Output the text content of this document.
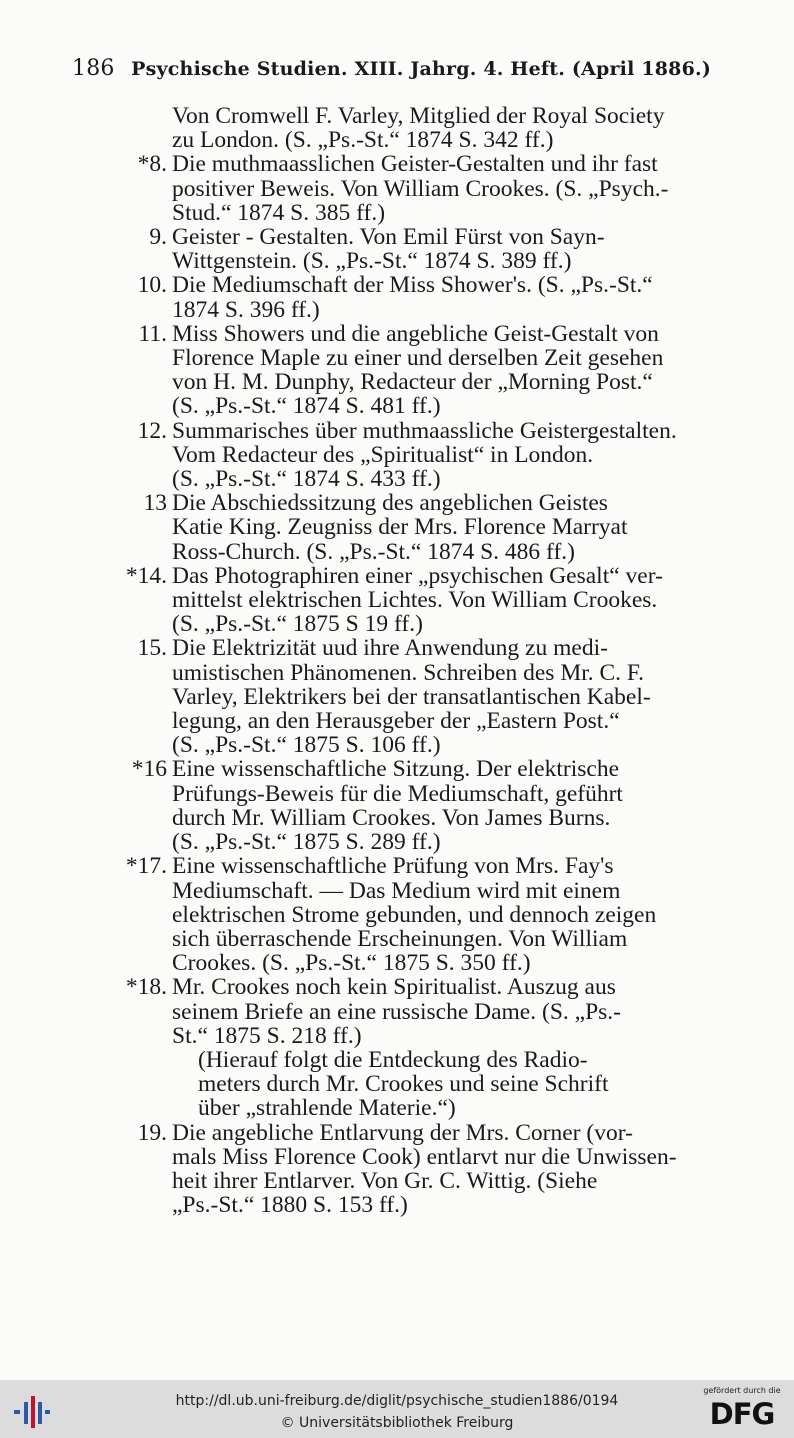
186 Psychische Studien. XIII. Jahrg. 4. Heft. (April 1886.)
Von Cromwell F. Varley, Mitglied der Royal Society
zu London. (S. „Ps.-St.“ 1874 S. 342 ff.)
*8. Die muthmaasslichen Geister-Gestalten und ihr fast
positiver Beweis. Von William Crookes. (S. „Psych.-
Stud.“ 1874 S. 385 ff.)
9. Geister - Gestalten. Von Emil Fürst von Sayn-
Wittgenstein. (S. „Ps.-St.“ 1874 S. 389 ff.)
10. Die Mediumschaft der Miss Shower's. (S. „Ps.-St.“
1874 S. 396 ff.)
11. Miss Showers und die angebliche Geist-Gestalt von
Florence Maple zu einer und derselben Zeit gesehen
von H. M. Dunphy, Redacteur der „Morning Post.“
(S. „Ps.-St.“ 1874 S. 481 ff.)
12. Summarisches über muthmaassliche Geistergestalten.
Vom Redacteur des „Spiritualist“ in London.
(S. „Ps.-St.“ 1874 S. 433 ff.)
13 Die Abschiedssitzung des angeblichen Geistes
Katie King. Zeugniss der Mrs. Florence Marryat
Ross-Church. (S. „Ps.-St.“ 1874 S. 486 ff.)
*14. Das Photographiren einer „psychischen Gesalt“ ver-
mittelst elektrischen Lichtes. Von William Crookes.
(S. „Ps.-St.“ 1875 S 19 ff.)
15. Die Elektrizität uud ihre Anwendung zu medi-
umistischen Phänomenen. Schreiben des Mr. C. F.
Varley, Elektrikers bei der transatlantischen Kabel-
legung, an den Herausgeber der „Eastern Post.“
(S. „Ps.-St.“ 1875 S. 106 ff.)
*16 Eine wissenschaftliche Sitzung. Der elektrische
Prüfungs-Beweis für die Mediumschaft, geführt
durch Mr. William Crookes. Von James Burns.
(S. „Ps.-St.“ 1875 S. 289 ff.)
*17. Eine wissenschaftliche Prüfung von Mrs. Fay's
Mediumschaft. — Das Medium wird mit einem
elektrischen Strome gebunden, und dennoch zeigen
sich überraschende Erscheinungen. Von William
Crookes. (S. „Ps.-St.“ 1875 S. 350 ff.)
*18. Mr. Crookes noch kein Spiritualist. Auszug aus
seinem Briefe an eine russische Dame. (S. „Ps.-
St.“ 1875 S. 218 ff.)
(Hierauf folgt die Entdeckung des Radio-
meters durch Mr. Crookes und seine Schrift
über „strahlende Materie.“)
19. Die angebliche Entlarvung der Mrs. Corner (vor-
mals Miss Florence Cook) entlarvt nur die Unwissen-
heit ihrer Entlarver. Von Gr. C. Wittig. (Siehe
„Ps.-St.“ 1880 S. 153 ff.)
http://dl.ub.uni-freiburg.de/diglit/psychische_studien1886/0194
© Universitätsbibliothek Freiburg
gefördert durch die
DFG
